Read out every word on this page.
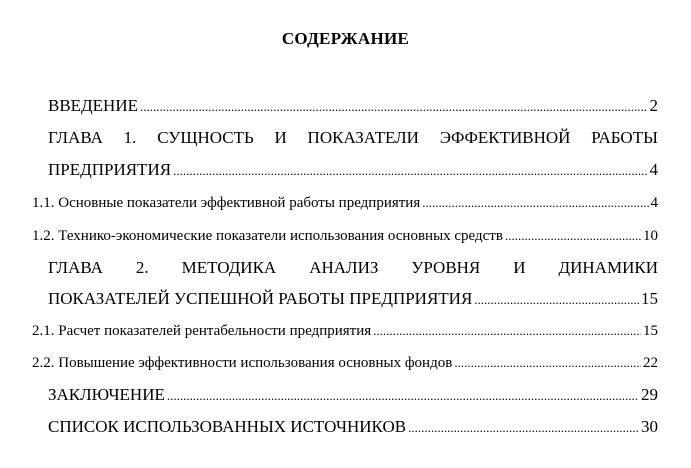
СОДЕРЖАНИЕ
ВВЕДЕНИЕ .....	2
ГЛАВА 1. СУЩНОСТЬ И ПОКАЗАТЕЛИ ЭФФЕКТИВНОЙ РАБОТЫ
ПРЕДПРИЯТИЯ .....	4
1.1. Основные показатели эффективной работы предприятия .....	4
1.2. Технико-экономические показатели использования основных средств .....	10
ГЛАВА 2. МЕТОДИКА АНАЛИЗ УРОВНЯ И ДИНАМИКИ
ПОКАЗАТЕЛЕЙ УСПЕШНОЙ РАБОТЫ ПРЕДПРИЯТИЯ .....	15
2.1. Расчет показателей рентабельности предприятия .....	15
2.2. Повышение эффективности использования основных фондов .....	22
ЗАКЛЮЧЕНИЕ .....	29
СПИСОК ИСПОЛЬЗОВАННЫХ ИСТОЧНИКОВ .....	30
